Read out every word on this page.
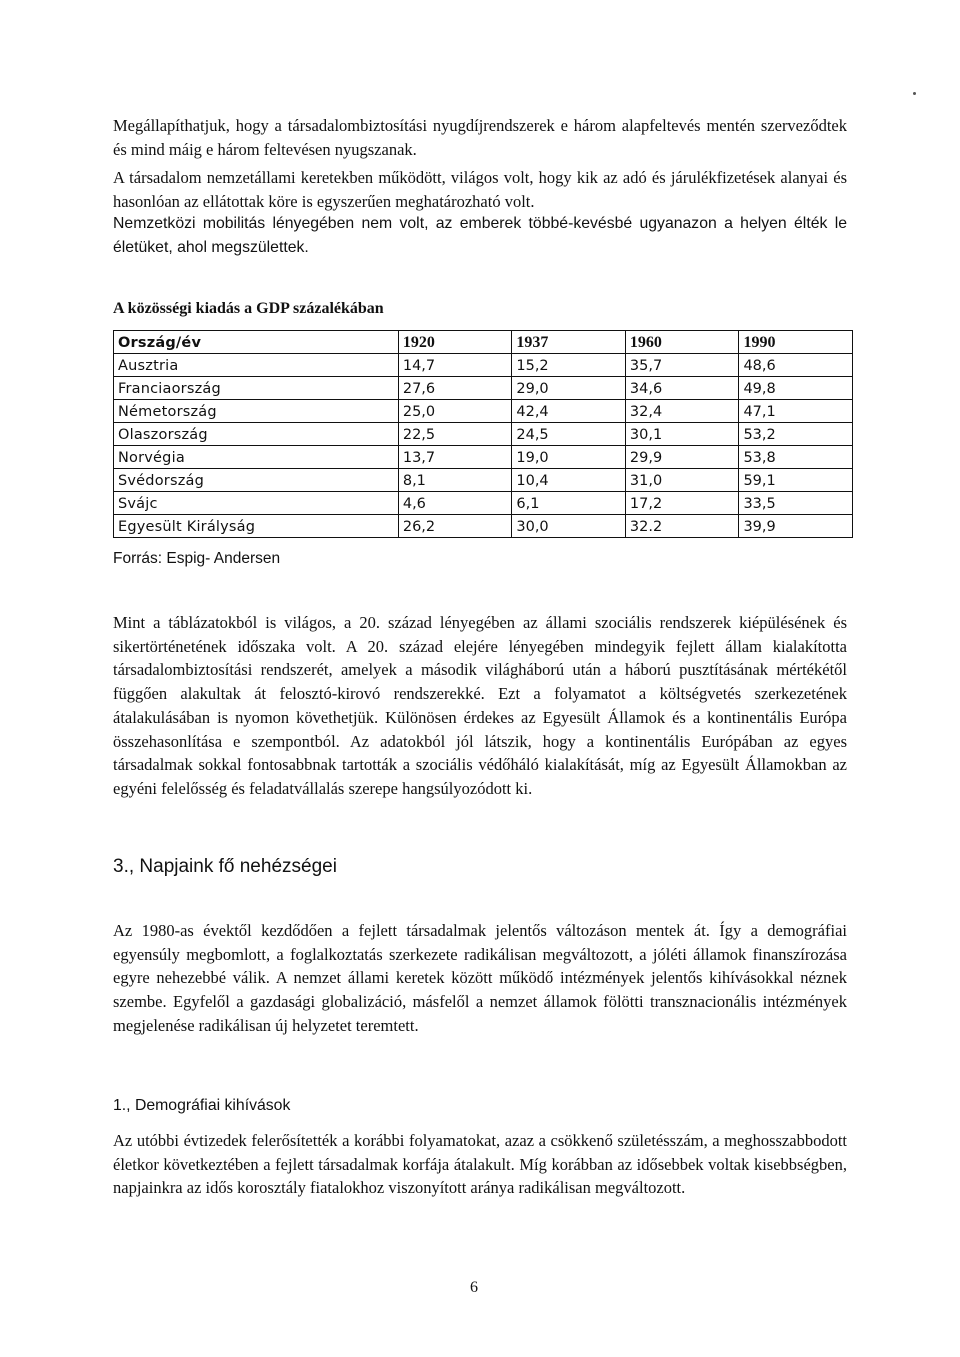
Megállapíthatjuk, hogy a társadalombiztosítási nyugdíjrendszerek e három alapfeltevés mentén szerveződtek és mind máig e három feltevésen nyugszanak.

A társadalom nemzetállami keretekben működött, világos volt, hogy kik az adó és járulékfizetések alanyai és hasonlóan az ellátottak köre is egyszerűen meghatározható volt.

Nemzetközi mobilitás lényegében nem volt, az emberek többé-kevésbé ugyanazon a helyen élték le életüket, ahol megszülettek.

A közösségi kiadás a GDP százalékában

Ország/év	1920	1937	1960	1990
Ausztria	14,7	15,2	35,7	48,6
Franciaország	27,6	29,0	34,6	49,8
Németország	25,0	42,4	32,4	47,1
Olaszország	22,5	24,5	30,1	53,2
Norvégia	13,7	19,0	29,9	53,8
Svédország	8,1	10,4	31,0	59,1
Svájc	4,6	6,1	17,2	33,5
Egyesült Királyság	26,2	30,0	32.2	39,9

Forrás: Espig- Andersen

Mint a táblázatokból is világos, a 20. század lényegében az állami szociális rendszerek kiépülésének és sikertörténetének időszaka volt. A 20. század elejére lényegében mindegyik fejlett állam kialakította társadalombiztosítási rendszerét, amelyek a második világháború után a háború pusztításának mértékétől függően alakultak át felosztó-kirovó rendszerekké. Ezt a folyamatot a költségvetés szerkezetének átalakulásában is nyomon követhetjük. Különösen érdekes az Egyesült Államok és a kontinentális Európa összehasonlítása e szempontból. Az adatokból jól látszik, hogy a kontinentális Európában az egyes társadalmak sokkal fontosabbnak tartották a szociális védőháló kialakítását, míg az Egyesült Államokban az egyéni felelősség és feladatvállalás szerepe hangsúlyozódott ki.

3., Napjaink fő nehézségei

Az 1980-as évektől kezdődően a fejlett társadalmak jelentős változáson mentek át. Így a demográfiai egyensúly megbomlott, a foglalkoztatás szerkezete radikálisan megváltozott, a jóléti államok finanszírozása egyre nehezebbé válik. A nemzet állami keretek között működő intézmények jelentős kihívásokkal néznek szembe. Egyfelől a gazdasági globalizáció, másfelől a nemzet államok fölötti transznacionális intézmények megjelenése radikálisan új helyzetet teremtett.

1., Demográfiai kihívások

Az utóbbi évtizedek felerősítették a korábbi folyamatokat, azaz a csökkenő születésszám, a meghosszabbodott életkor következtében a fejlett társadalmak korfája átalakult. Míg korábban az idősebbek voltak kisebbségben, napjainkra az idős korosztály fiatalokhoz viszonyított aránya radikálisan megváltozott.

6
